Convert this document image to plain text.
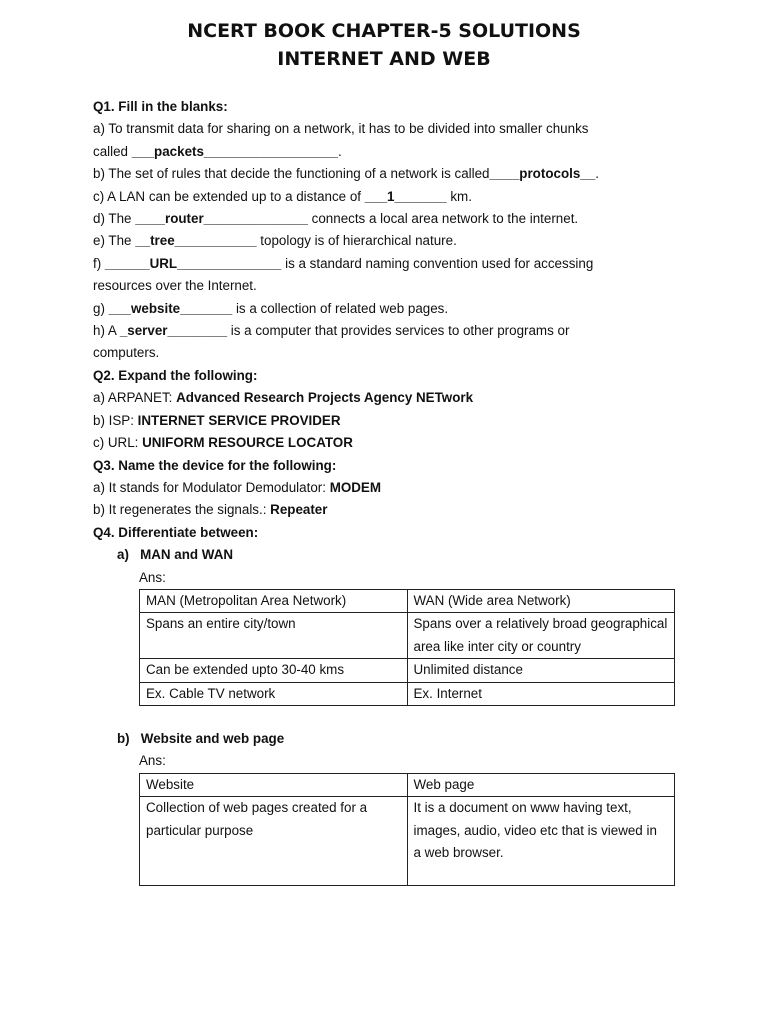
NCERT BOOK CHAPTER-5 SOLUTIONS
INTERNET AND WEB
Q1. Fill in the blanks:
a) To transmit data for sharing on a network, it has to be divided into smaller chunks
called ___packets__________________.
b) The set of rules that decide the functioning of a network is called____protocols__.
c) A LAN can be extended up to a distance of ___1_______ km.
d) The ____router______________ connects a local area network to the internet.
e) The __tree___________ topology is of hierarchical nature.
f) ______URL______________ is a standard naming convention used for accessing
resources over the Internet.
g) ___website_______ is a collection of related web pages.
h) A _server________ is a computer that provides services to other programs or
computers.
Q2. Expand the following:
a) ARPANET: Advanced Research Projects Agency NETwork
b) ISP: INTERNET SERVICE PROVIDER
c) URL: UNIFORM RESOURCE LOCATOR
Q3. Name the device for the following:
a) It stands for Modulator Demodulator: MODEM
b) It regenerates the signals.: Repeater
Q4. Differentiate between:
a)   MAN and WAN
Ans:
MAN (Metropolitan Area Network)	WAN (Wide area Network)
Spans an entire city/town	Spans over a relatively broad geographical area like inter city or country
Can be extended upto 30-40 kms	Unlimited distance
Ex. Cable TV network	Ex. Internet
b)   Website and web page
Ans:
Website	Web page
Collection of web pages created for a particular purpose	It is a document on www having text, images, audio, video etc that is viewed in a web browser.
